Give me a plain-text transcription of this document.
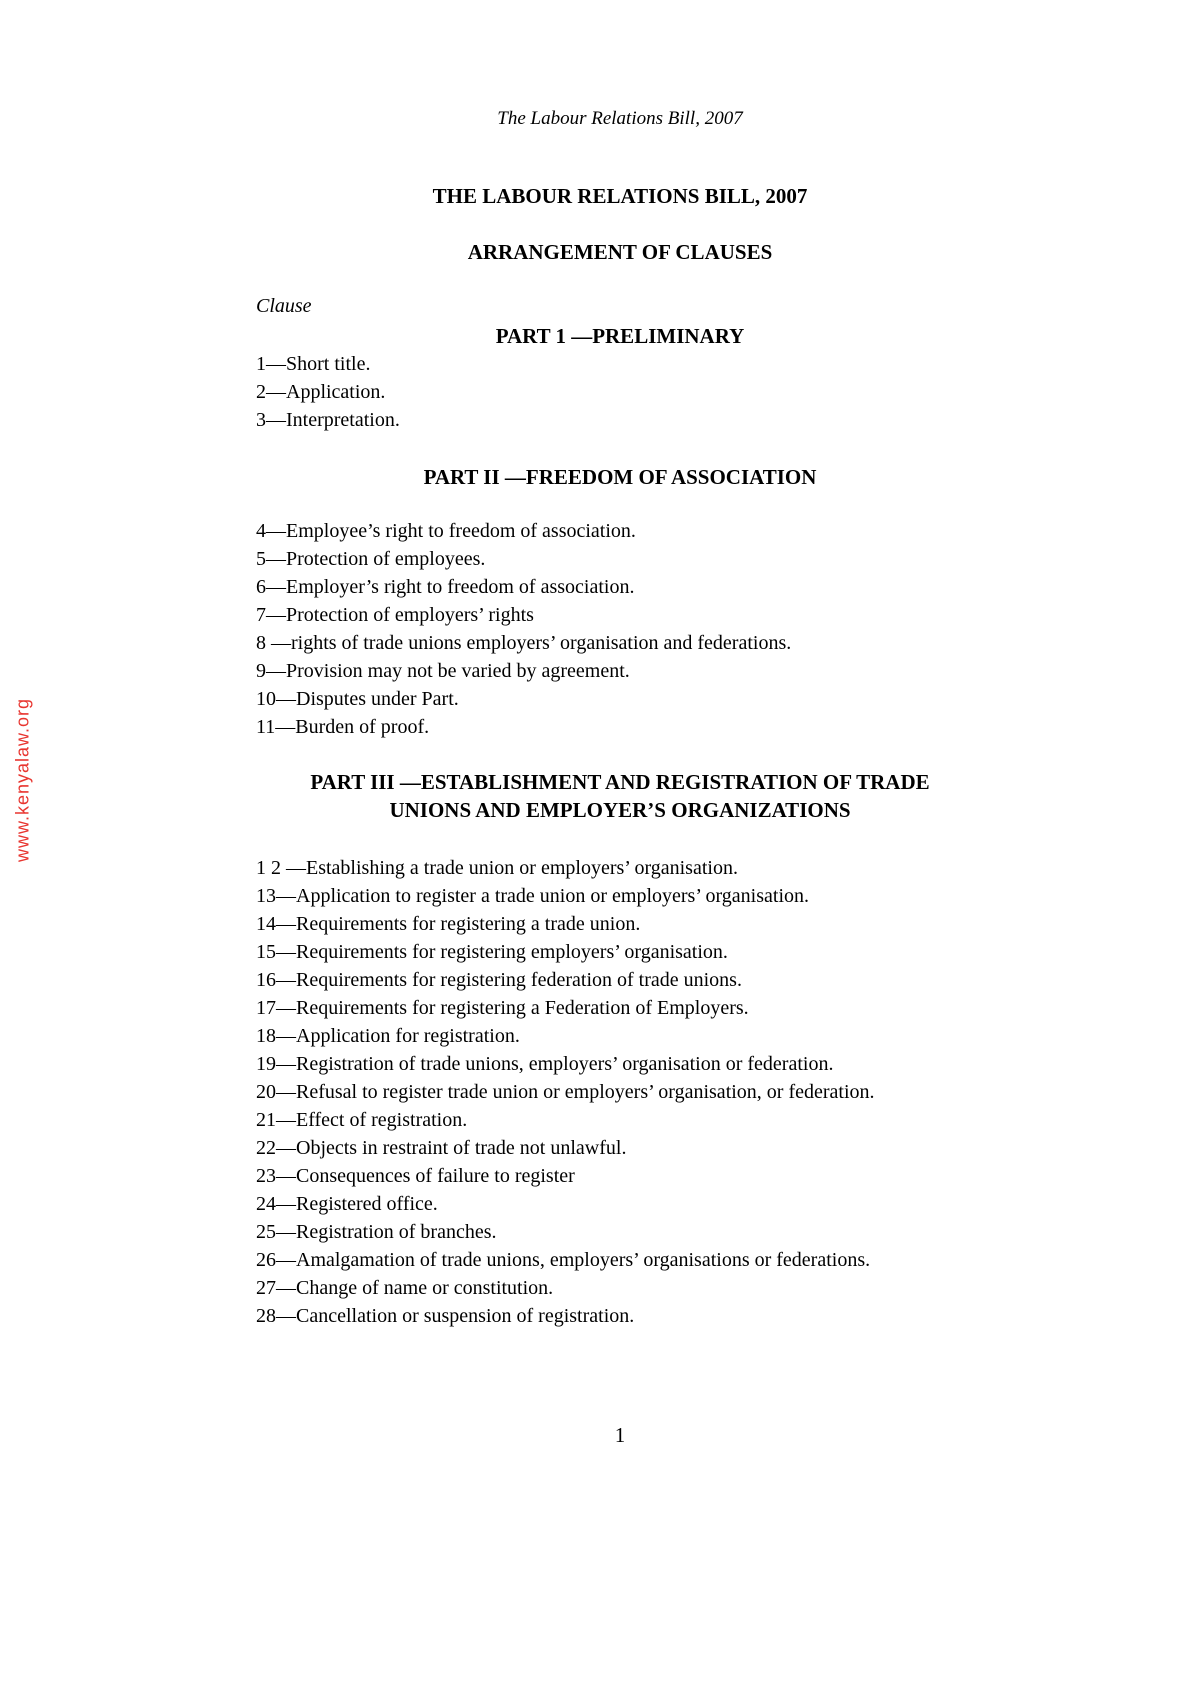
The Labour Relations Bill, 2007
THE LABOUR RELATIONS BILL, 2007
ARRANGEMENT OF CLAUSES
Clause
PART 1 —PRELIMINARY
1—Short title.
2—Application.
3—Interpretation.
PART II —FREEDOM OF ASSOCIATION
4—Employee’s right to freedom of association.
5—Protection of employees.
6—Employer’s right to freedom of association.
7—Protection of employers’ rights
8 —rights of trade unions employers’ organisation and federations.
9—Provision may not be varied by agreement.
10—Disputes under Part.
11—Burden of proof.
PART III —ESTABLISHMENT AND REGISTRATION OF TRADE
UNIONS AND EMPLOYER’S ORGANIZATIONS
1 2 —Establishing a trade union or employers’ organisation.
13—Application to register a trade union or employers’ organisation.
14—Requirements for registering a trade union.
15—Requirements for registering employers’ organisation.
16—Requirements for registering federation of trade unions.
17—Requirements for registering a Federation of Employers.
18—Application for registration.
19—Registration of trade unions, employers’ organisation or federation.
20—Refusal to register trade union or employers’ organisation, or federation.
21—Effect of registration.
22—Objects in restraint of trade not unlawful.
23—Consequences of failure to register
24—Registered office.
25—Registration of branches.
26—Amalgamation of trade unions, employers’ organisations or federations.
27—Change of name or constitution.
28—Cancellation or suspension of registration.
1
www.kenyalaw.org
